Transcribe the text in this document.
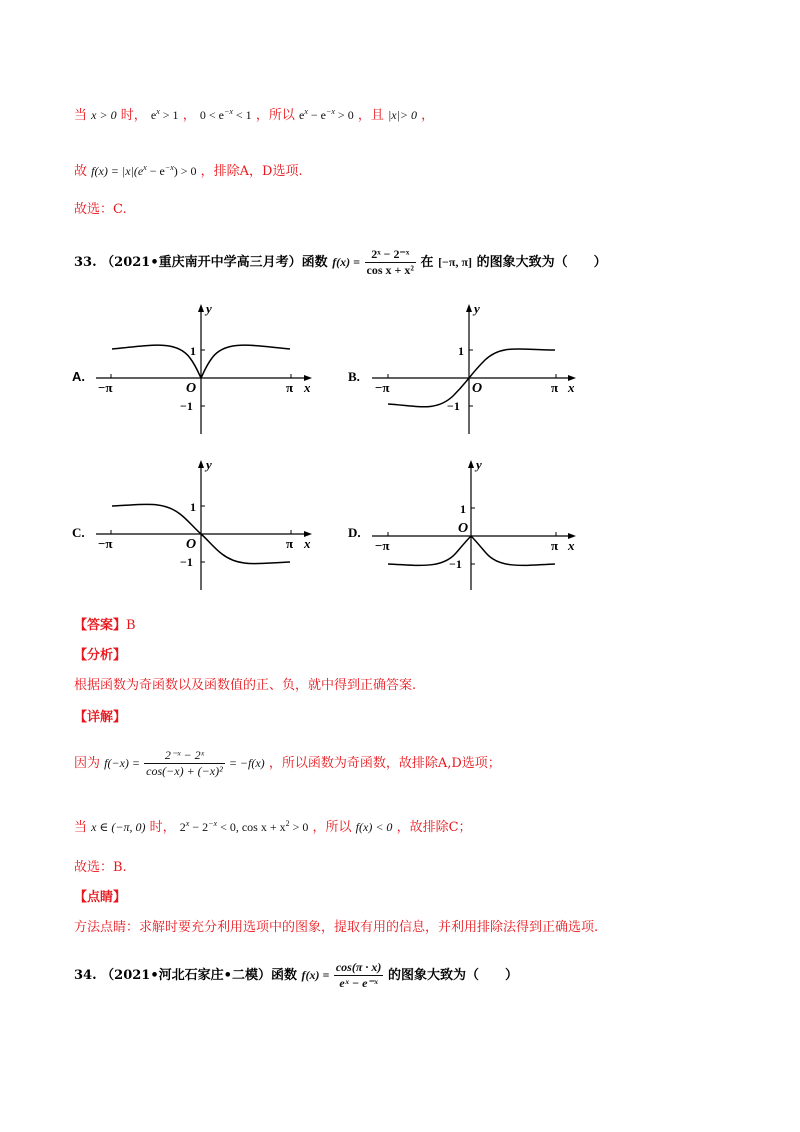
当 x > 0 时， $e^x > 1$ ， $0 < e^{-x} < 1$ ，所以 $e^x - e^{-x} > 0$ ，且 |x|> 0 ，
故 $f(x) = |x|(e^x - e^{-x}) > 0$ ，排除A，D选项.
故选：C.
33. （2021•重庆南开中学高三月考）函数 $f(x) = \frac{\text{2ˣ − 2⁻ˣ}}{\text{cos x + x²}}$ 在 [−π, π] 的图象大致为（　　）
A.
y
x
O
−π	π
1
−1
B.
y
x
O
−π	π
1
−1
C.
y
x
O
−π	π
1
−1
D.
y
x
O
−π	π
1
−1
【答案】B
【分析】
根据函数为奇函数以及函数值的正、负，就中得到正确答案.
【详解】
因为 $f(-x) = \frac{\text{2⁻ˣ − 2ˣ}}{\text{cos(−x) + (−x)²}} = -f(x)$ ，所以函数为奇函数，故排除A,D选项；
当 x ∈ (−π, 0) 时， $2^x - 2^{-x} < 0$, $\cos x + x^2 > 0$ ，所以 f(x) < 0 ，故排除C；
故选：B.
【点睛】
方法点睛：求解时要充分利用选项中的图象，提取有用的信息，并利用排除法得到正确选项.
34. （2021•河北石家庄•二模）函数 $f(x) = \frac{\cos(\pi \cdot x)}{\text{eˣ − e⁻ˣ}}$ 的图象大致为（　　）
